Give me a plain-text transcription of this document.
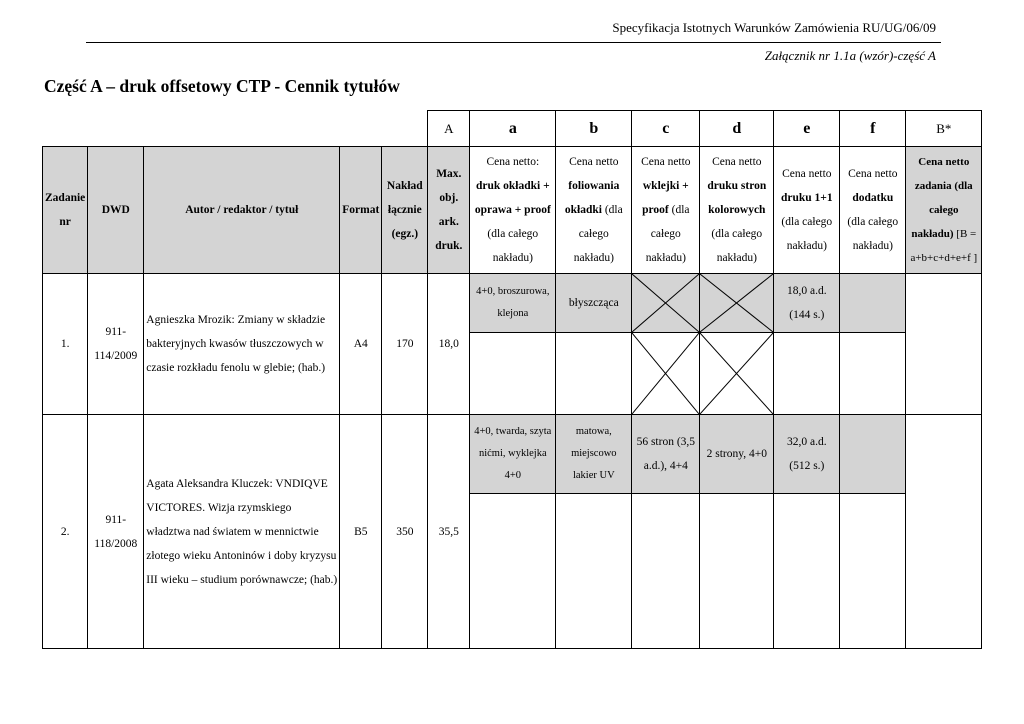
Specyfikacja Istotnych Warunków Zamówienia RU/UG/06/09
Załącznik nr 1.1a (wzór)-część A
Część A – druk offsetowy CTP - Cennik tytułów
					A	a	b	c	d	e	f	B*
Zadanie nr	DWD	Autor / redaktor / tytuł	Format	Nakład łącznie (egz.)	Max. obj. ark. druk.	Cena netto:
druk okładki + oprawa + proof
(dla całego nakładu)	Cena netto
foliowania okładki (dla całego nakładu)	Cena netto
wklejki + proof (dla całego nakładu)	Cena netto
druku stron kolorowych
(dla całego nakładu)	Cena netto
druku 1+1
(dla całego nakładu)	Cena netto
dodatku
(dla całego nakładu)	Cena netto zadania (dla całego nakładu) [B = a+b+c+d+e+f ]
1.	911-114/2009	Agnieszka Mrozik: Zmiany w składzie bakteryjnych kwasów tłuszczowych w czasie rozkładu fenolu w glebie; (hab.)	A4	170	18,0	4+0, broszurowa, klejona	błyszcząca			18,0 a.d. (144 s.)		

2.	911-118/2008	Agata Aleksandra Kluczek: VNDIQVE VICTORES. Wizja rzymskiego władztwa nad światem w mennictwie złotego wieku Antoninów i doby kryzysu III wieku – studium porównawcze; (hab.)	B5	350	35,5	4+0, twarda, szyta nićmi, wyklejka 4+0	matowa, miejscowo lakier UV	56 stron (3,5 a.d.), 4+4	2 strony, 4+0	32,0 a.d. (512 s.)		
